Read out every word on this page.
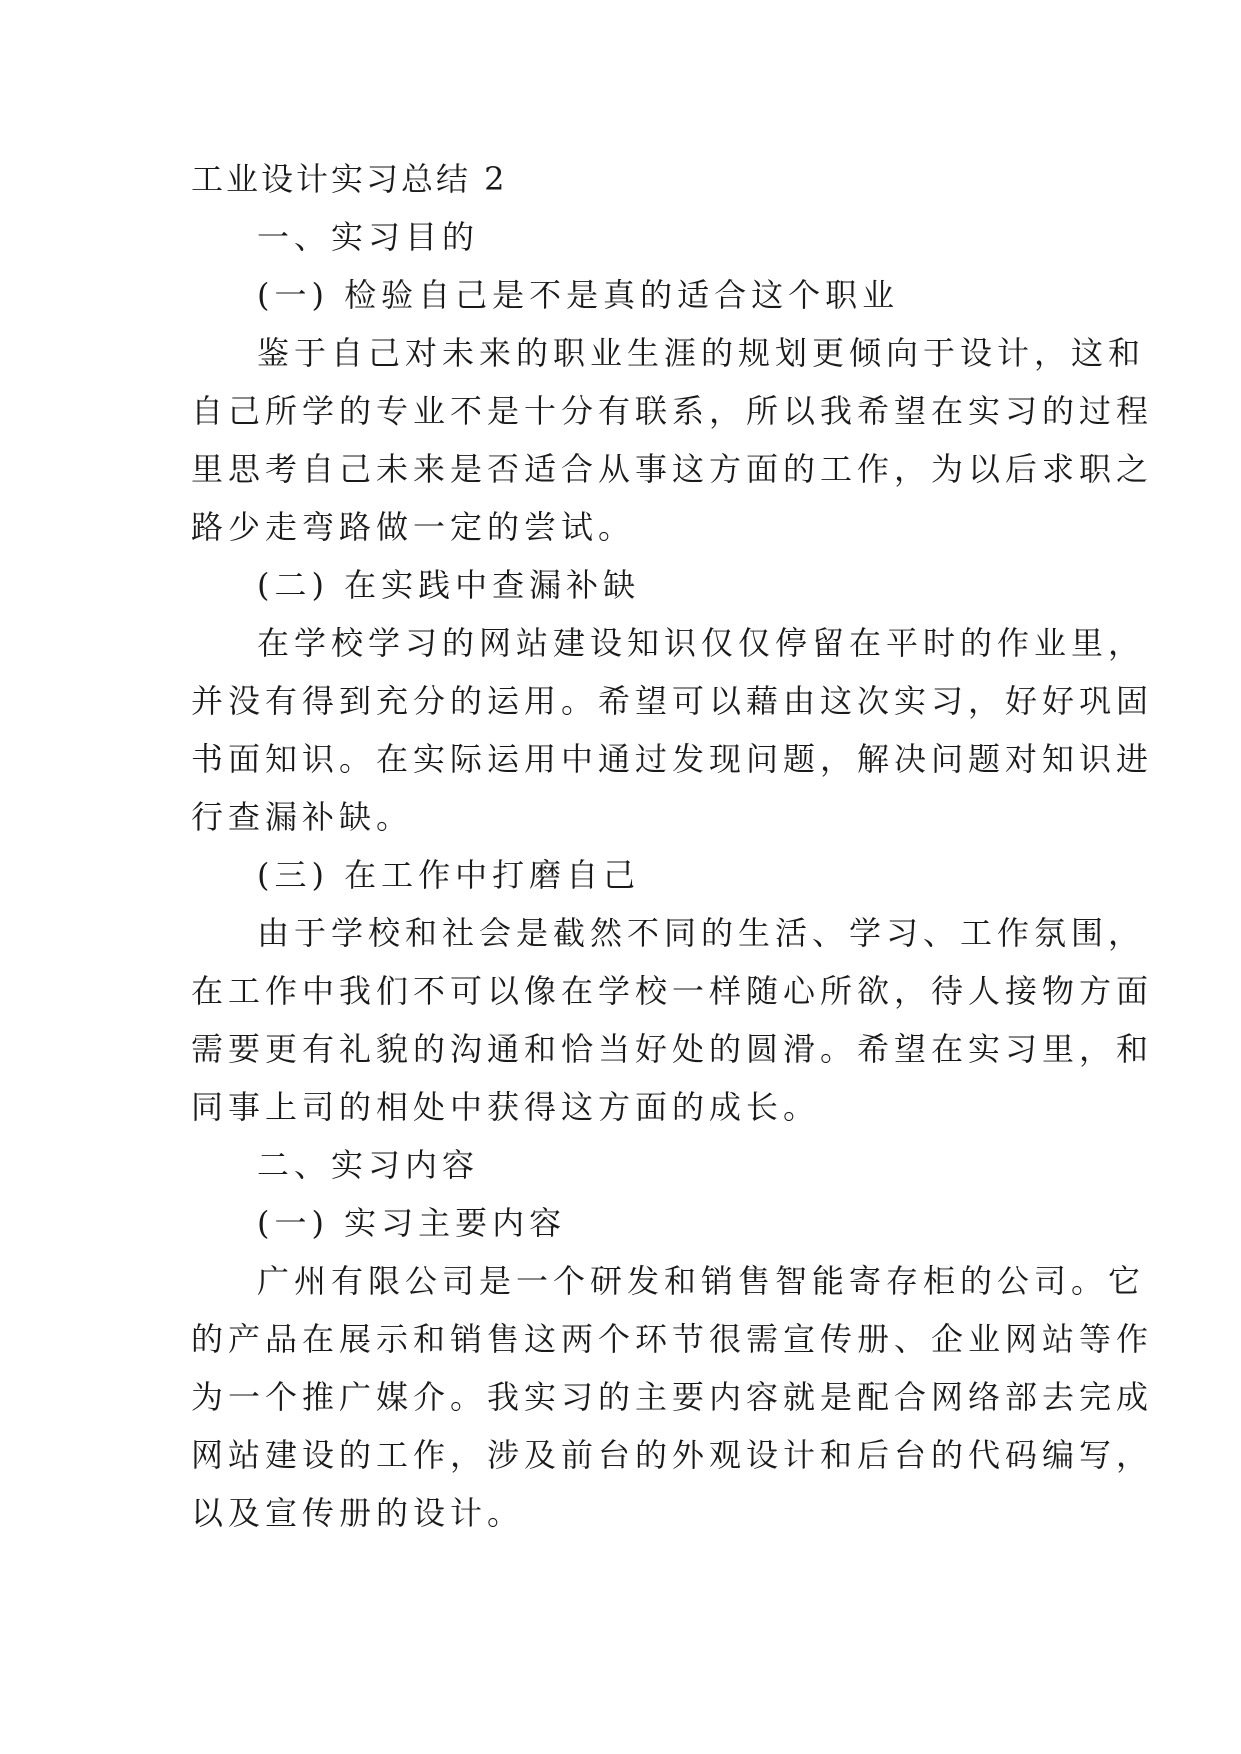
工业设计实习总结 2
一、实习目的
(一) 检验自己是不是真的适合这个职业
鉴于自己对未来的职业生涯的规划更倾向于设计，这和
自己所学的专业不是十分有联系，所以我希望在实习的过程
里思考自己未来是否适合从事这方面的工作，为以后求职之
路少走弯路做一定的尝试。
(二) 在实践中查漏补缺
在学校学习的网站建设知识仅仅停留在平时的作业里，
并没有得到充分的运用。希望可以藉由这次实习，好好巩固
书面知识。在实际运用中通过发现问题，解决问题对知识进
行查漏补缺。
(三) 在工作中打磨自己
由于学校和社会是截然不同的生活、学习、工作氛围，
在工作中我们不可以像在学校一样随心所欲，待人接物方面
需要更有礼貌的沟通和恰当好处的圆滑。希望在实习里，和
同事上司的相处中获得这方面的成长。
二、实习内容
(一) 实习主要内容
广州有限公司是一个研发和销售智能寄存柜的公司。它
的产品在展示和销售这两个环节很需宣传册、企业网站等作
为一个推广媒介。我实习的主要内容就是配合网络部去完成
网站建设的工作，涉及前台的外观设计和后台的代码编写，
以及宣传册的设计。
